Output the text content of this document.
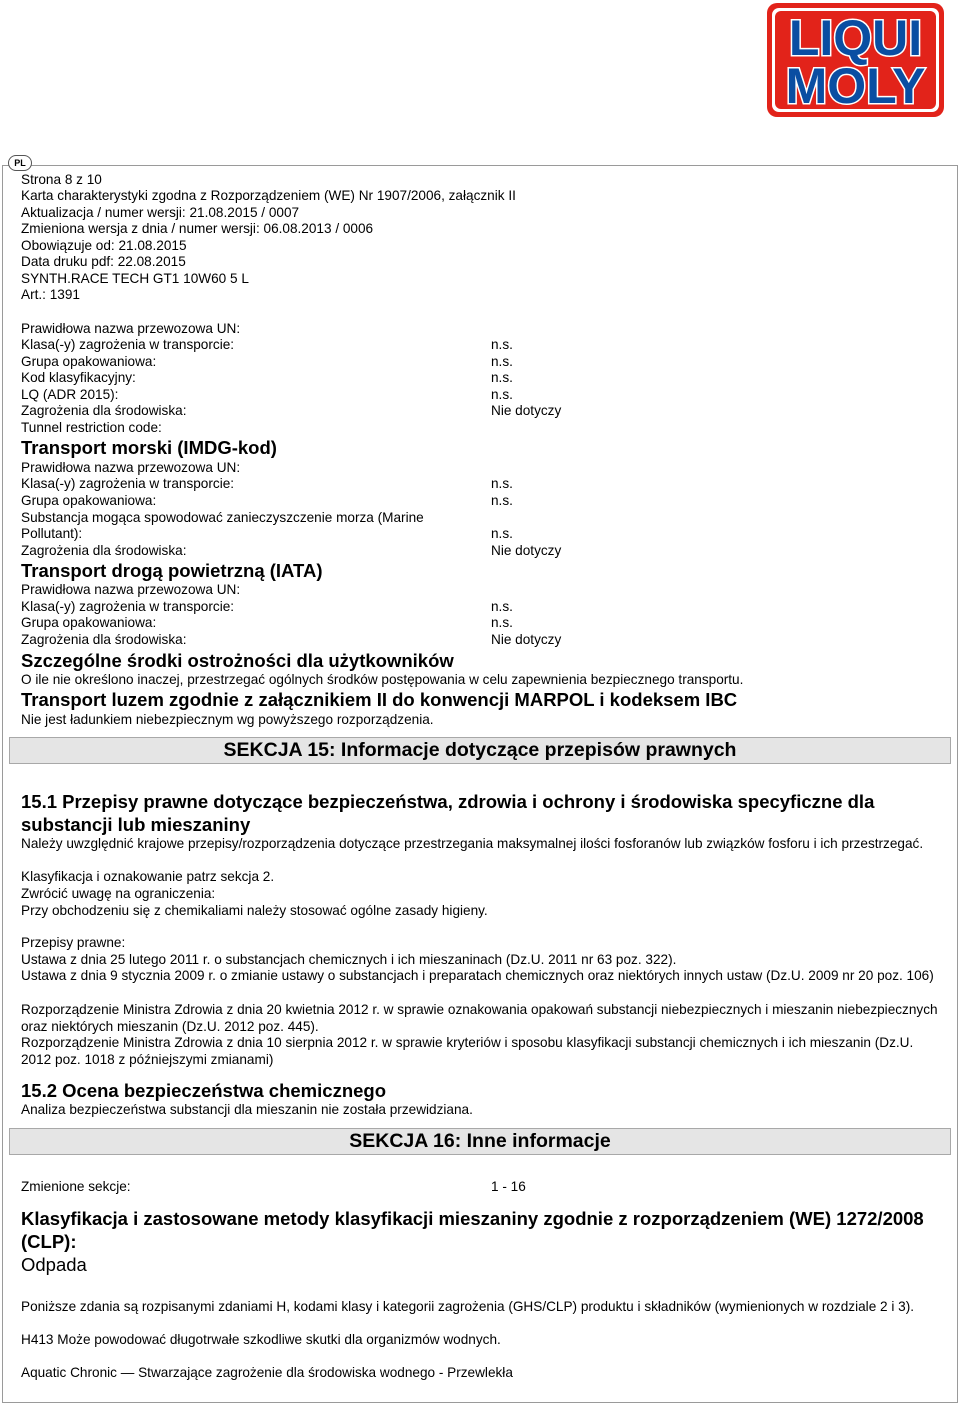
LIQUI
MOLY
PL
Strona 8 z 10
Karta charakterystyki zgodna z Rozporządzeniem (WE) Nr 1907/2006, załącznik II
Aktualizacja / numer wersji: 21.08.2015 / 0007
Zmieniona wersja z dnia / numer wersji: 06.08.2013 / 0006
Obowiązuje od: 21.08.2015
Data druku pdf: 22.08.2015
SYNTH.RACE TECH GT1 10W60 5 L
Art.: 1391
Prawidłowa nazwa przewozowa UN:
Klasa(-y) zagrożenia w transporcie:	n.s.
Grupa opakowaniowa:	n.s.
Kod klasyfikacyjny:	n.s.
LQ (ADR 2015):	n.s.
Zagrożenia dla środowiska:	Nie dotyczy
Tunnel restriction code:
Transport morski (IMDG-kod)
Prawidłowa nazwa przewozowa UN:
Klasa(-y) zagrożenia w transporcie:	n.s.
Grupa opakowaniowa:	n.s.
Substancja mogąca spowodować zanieczyszczenie morza (Marine
Pollutant):	n.s.
Zagrożenia dla środowiska:	Nie dotyczy
Transport drogą powietrzną (IATA)
Prawidłowa nazwa przewozowa UN:
Klasa(-y) zagrożenia w transporcie:	n.s.
Grupa opakowaniowa:	n.s.
Zagrożenia dla środowiska:	Nie dotyczy
Szczególne środki ostrożności dla użytkowników
O ile nie określono inaczej, przestrzegać ogólnych środków postępowania w celu zapewnienia bezpiecznego transportu.
Transport luzem zgodnie z załącznikiem II do konwencji MARPOL i kodeksem IBC
Nie jest ładunkiem niebezpiecznym wg powyższego rozporządzenia.
SEKCJA 15: Informacje dotyczące przepisów prawnych
15.1 Przepisy prawne dotyczące bezpieczeństwa, zdrowia i ochrony i środowiska specyficzne dla substancji lub mieszaniny
Należy uwzględnić krajowe przepisy/rozporządzenia dotyczące przestrzegania maksymalnej ilości fosforanów lub związków fosforu i ich przestrzegać.
Klasyfikacja i oznakowanie patrz sekcja 2.
Zwrócić uwagę na ograniczenia:
Przy obchodzeniu się z chemikaliami należy stosować ogólne zasady higieny.
Przepisy prawne:
Ustawa z dnia 25 lutego 2011 r. o substancjach chemicznych i ich mieszaninach (Dz.U. 2011 nr 63 poz. 322).
Ustawa z dnia 9 stycznia 2009 r. o zmianie ustawy o substancjach i preparatach chemicznych oraz niektórych innych ustaw (Dz.U. 2009 nr 20 poz. 106)
Rozporządzenie Ministra Zdrowia z dnia 20 kwietnia 2012 r. w sprawie oznakowania opakowań substancji niebezpiecznych i mieszanin niebezpiecznych oraz niektórych mieszanin (Dz.U. 2012 poz. 445).
Rozporządzenie Ministra Zdrowia z dnia 10 sierpnia 2012 r. w sprawie kryteriów i sposobu klasyfikacji substancji chemicznych i ich mieszanin (Dz.U. 2012 poz. 1018 z późniejszymi zmianami)
15.2 Ocena bezpieczeństwa chemicznego
Analiza bezpieczeństwa substancji dla mieszanin nie została przewidziana.
SEKCJA 16: Inne informacje
Zmienione sekcje:	1 - 16
Klasyfikacja i zastosowane metody klasyfikacji mieszaniny zgodnie z rozporządzeniem (WE) 1272/2008 (CLP):
Odpada
Poniższe zdania są rozpisanymi zdaniami H, kodami klasy i kategorii zagrożenia (GHS/CLP) produktu i składników (wymienionych w rozdziale 2 i 3).
H413 Może powodować długotrwałe szkodliwe skutki dla organizmów wodnych.
Aquatic Chronic — Stwarzające zagrożenie dla środowiska wodnego - Przewlekła
